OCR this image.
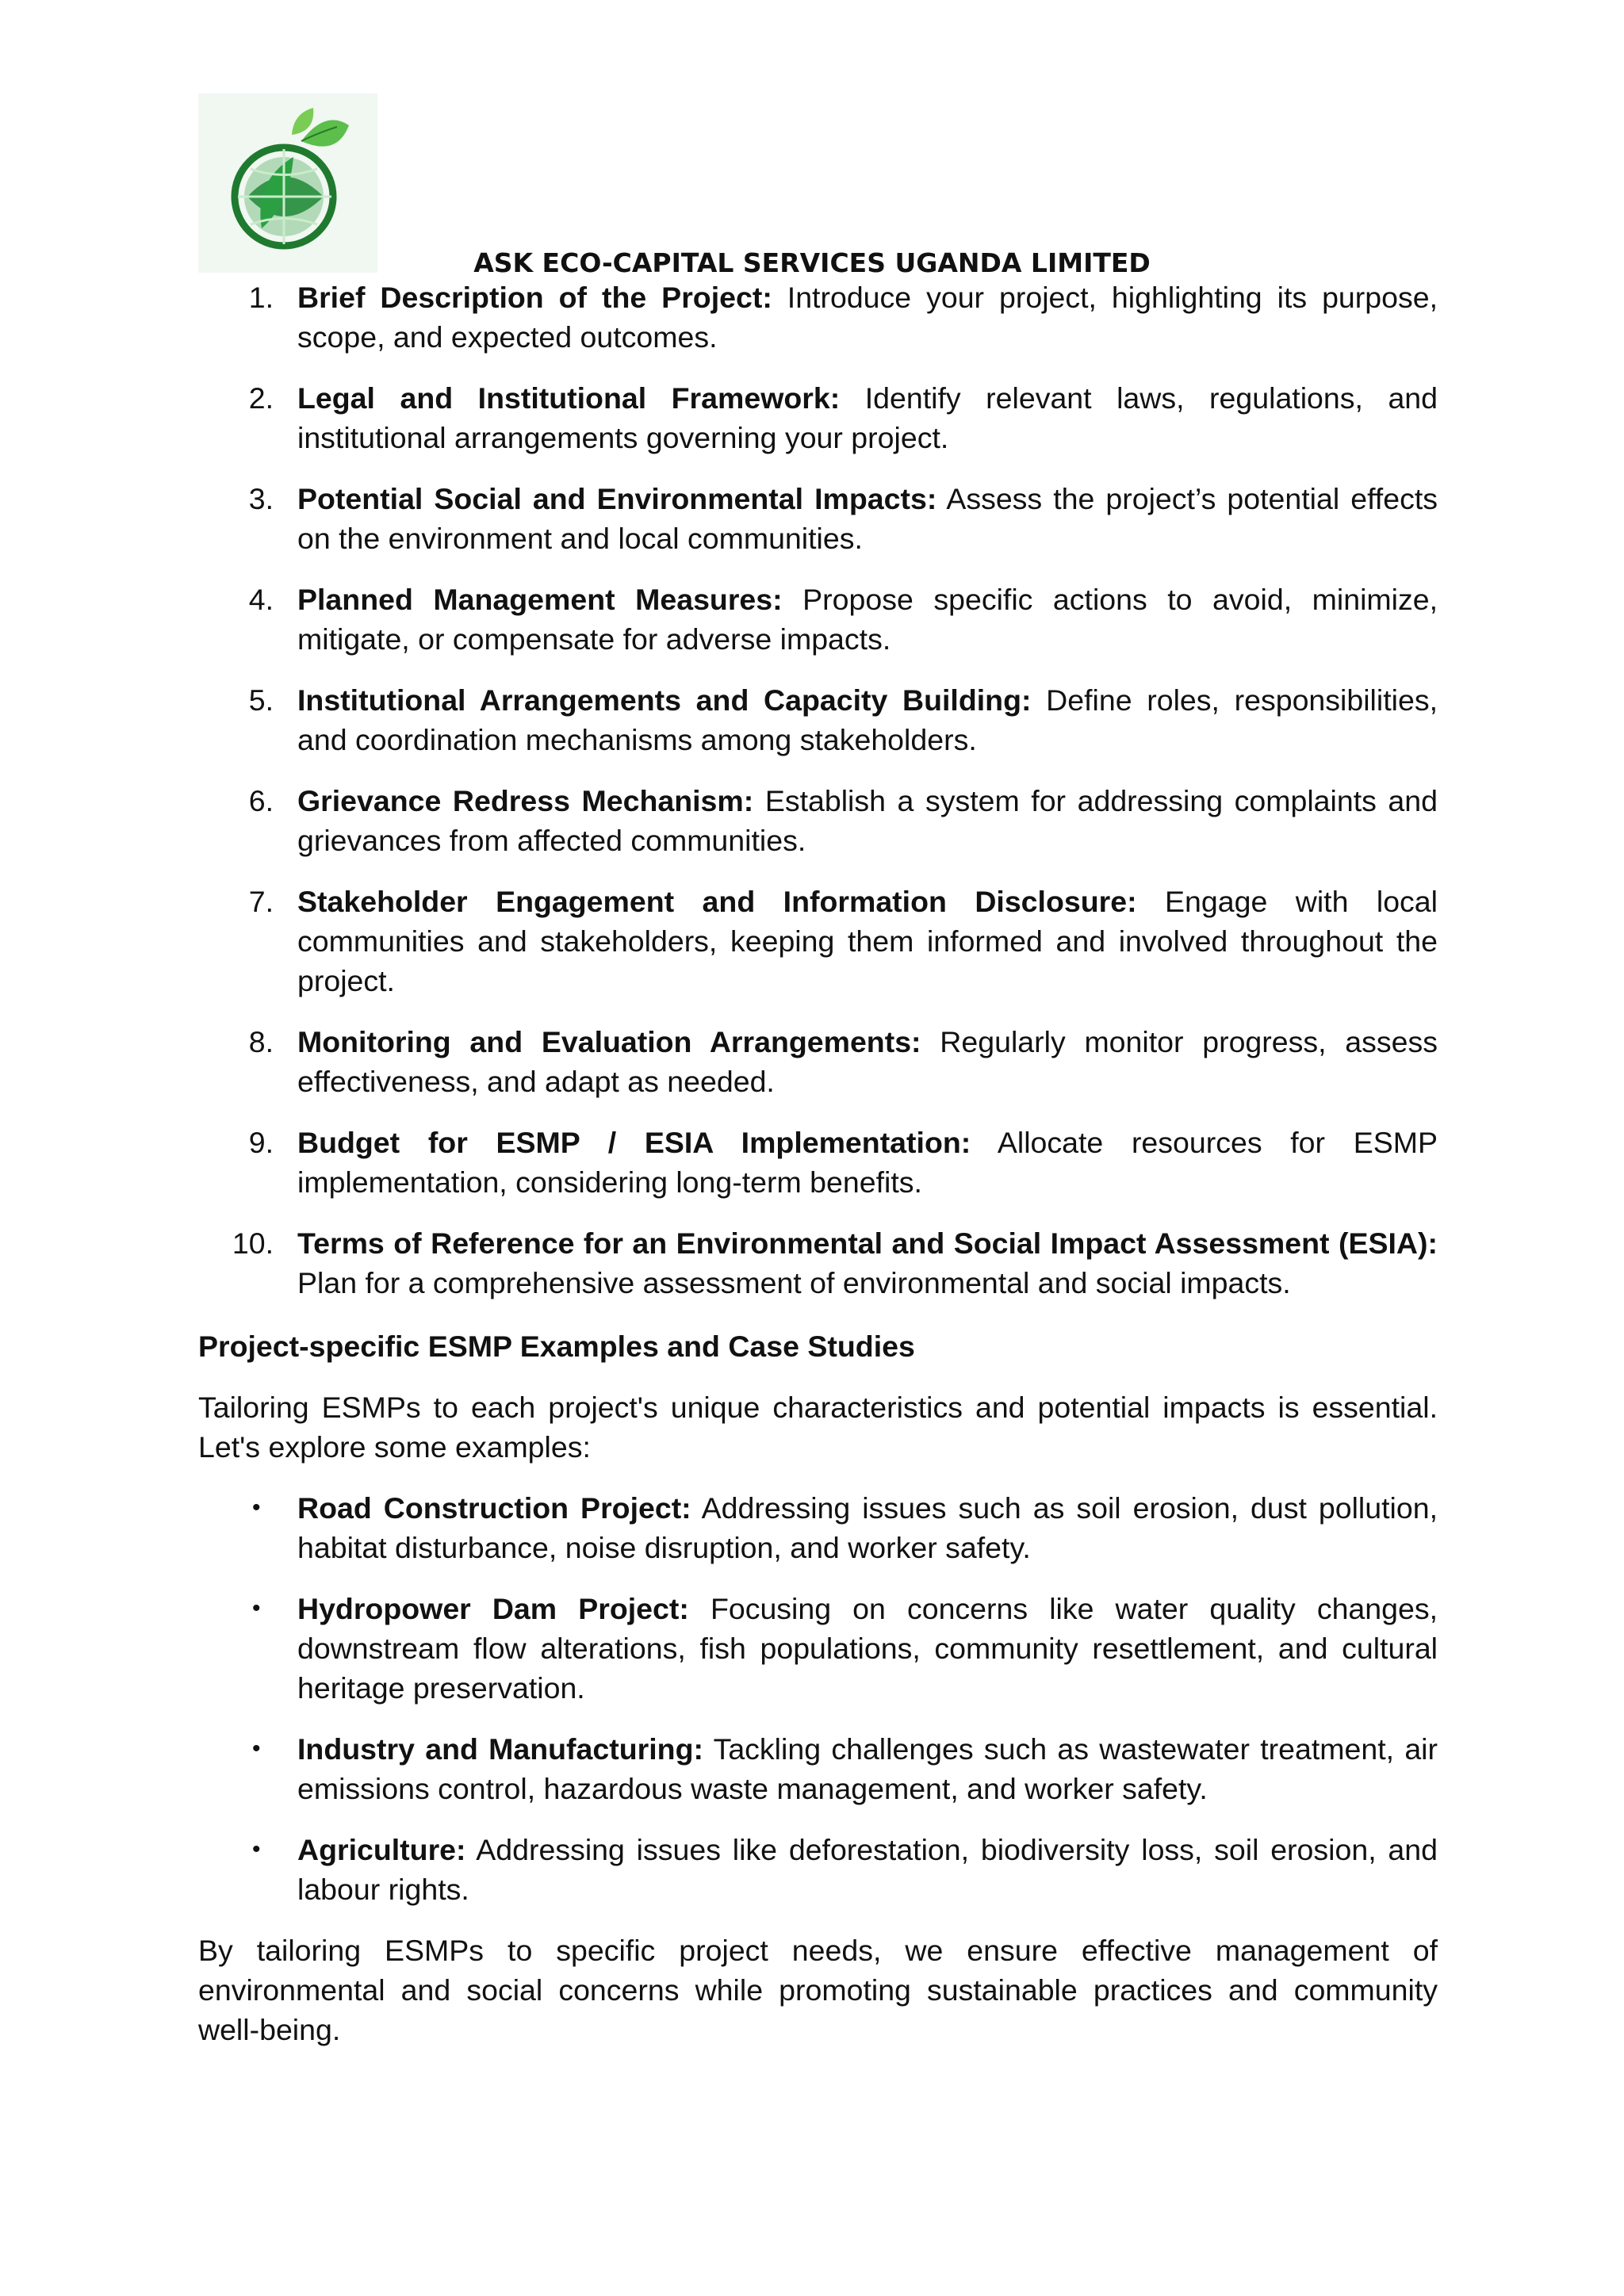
ASK ECO-CAPITAL SERVICES UGANDA LIMITED
1. Brief Description of the Project: Introduce your project, highlighting its purpose, scope, and expected outcomes.
2. Legal and Institutional Framework: Identify relevant laws, regulations, and institutional arrangements governing your project.
3. Potential Social and Environmental Impacts: Assess the project’s potential effects on the environment and local communities.
4. Planned Management Measures: Propose specific actions to avoid, minimize, mitigate, or compensate for adverse impacts.
5. Institutional Arrangements and Capacity Building: Define roles, responsibilities, and coordination mechanisms among stakeholders.
6. Grievance Redress Mechanism: Establish a system for addressing complaints and grievances from affected communities.
7. Stakeholder Engagement and Information Disclosure: Engage with local communities and stakeholders, keeping them informed and involved throughout the project.
8. Monitoring and Evaluation Arrangements: Regularly monitor progress, assess effectiveness, and adapt as needed.
9. Budget for ESMP / ESIA Implementation: Allocate resources for ESMP implementation, considering long-term benefits.
10. Terms of Reference for an Environmental and Social Impact Assessment (ESIA): Plan for a comprehensive assessment of environmental and social impacts.
Project-specific ESMP Examples and Case Studies

Tailoring ESMPs to each project's unique characteristics and potential impacts is essential. Let's explore some examples:

• Road Construction Project: Addressing issues such as soil erosion, dust pollution, habitat disturbance, noise disruption, and worker safety.
• Hydropower Dam Project: Focusing on concerns like water quality changes, downstream flow alterations, fish populations, community resettlement, and cultural heritage preservation.
• Industry and Manufacturing: Tackling challenges such as wastewater treatment, air emissions control, hazardous waste management, and worker safety.
• Agriculture: Addressing issues like deforestation, biodiversity loss, soil erosion, and labour rights.

By tailoring ESMPs to specific project needs, we ensure effective management of environmental and social concerns while promoting sustainable practices and community well-being.
